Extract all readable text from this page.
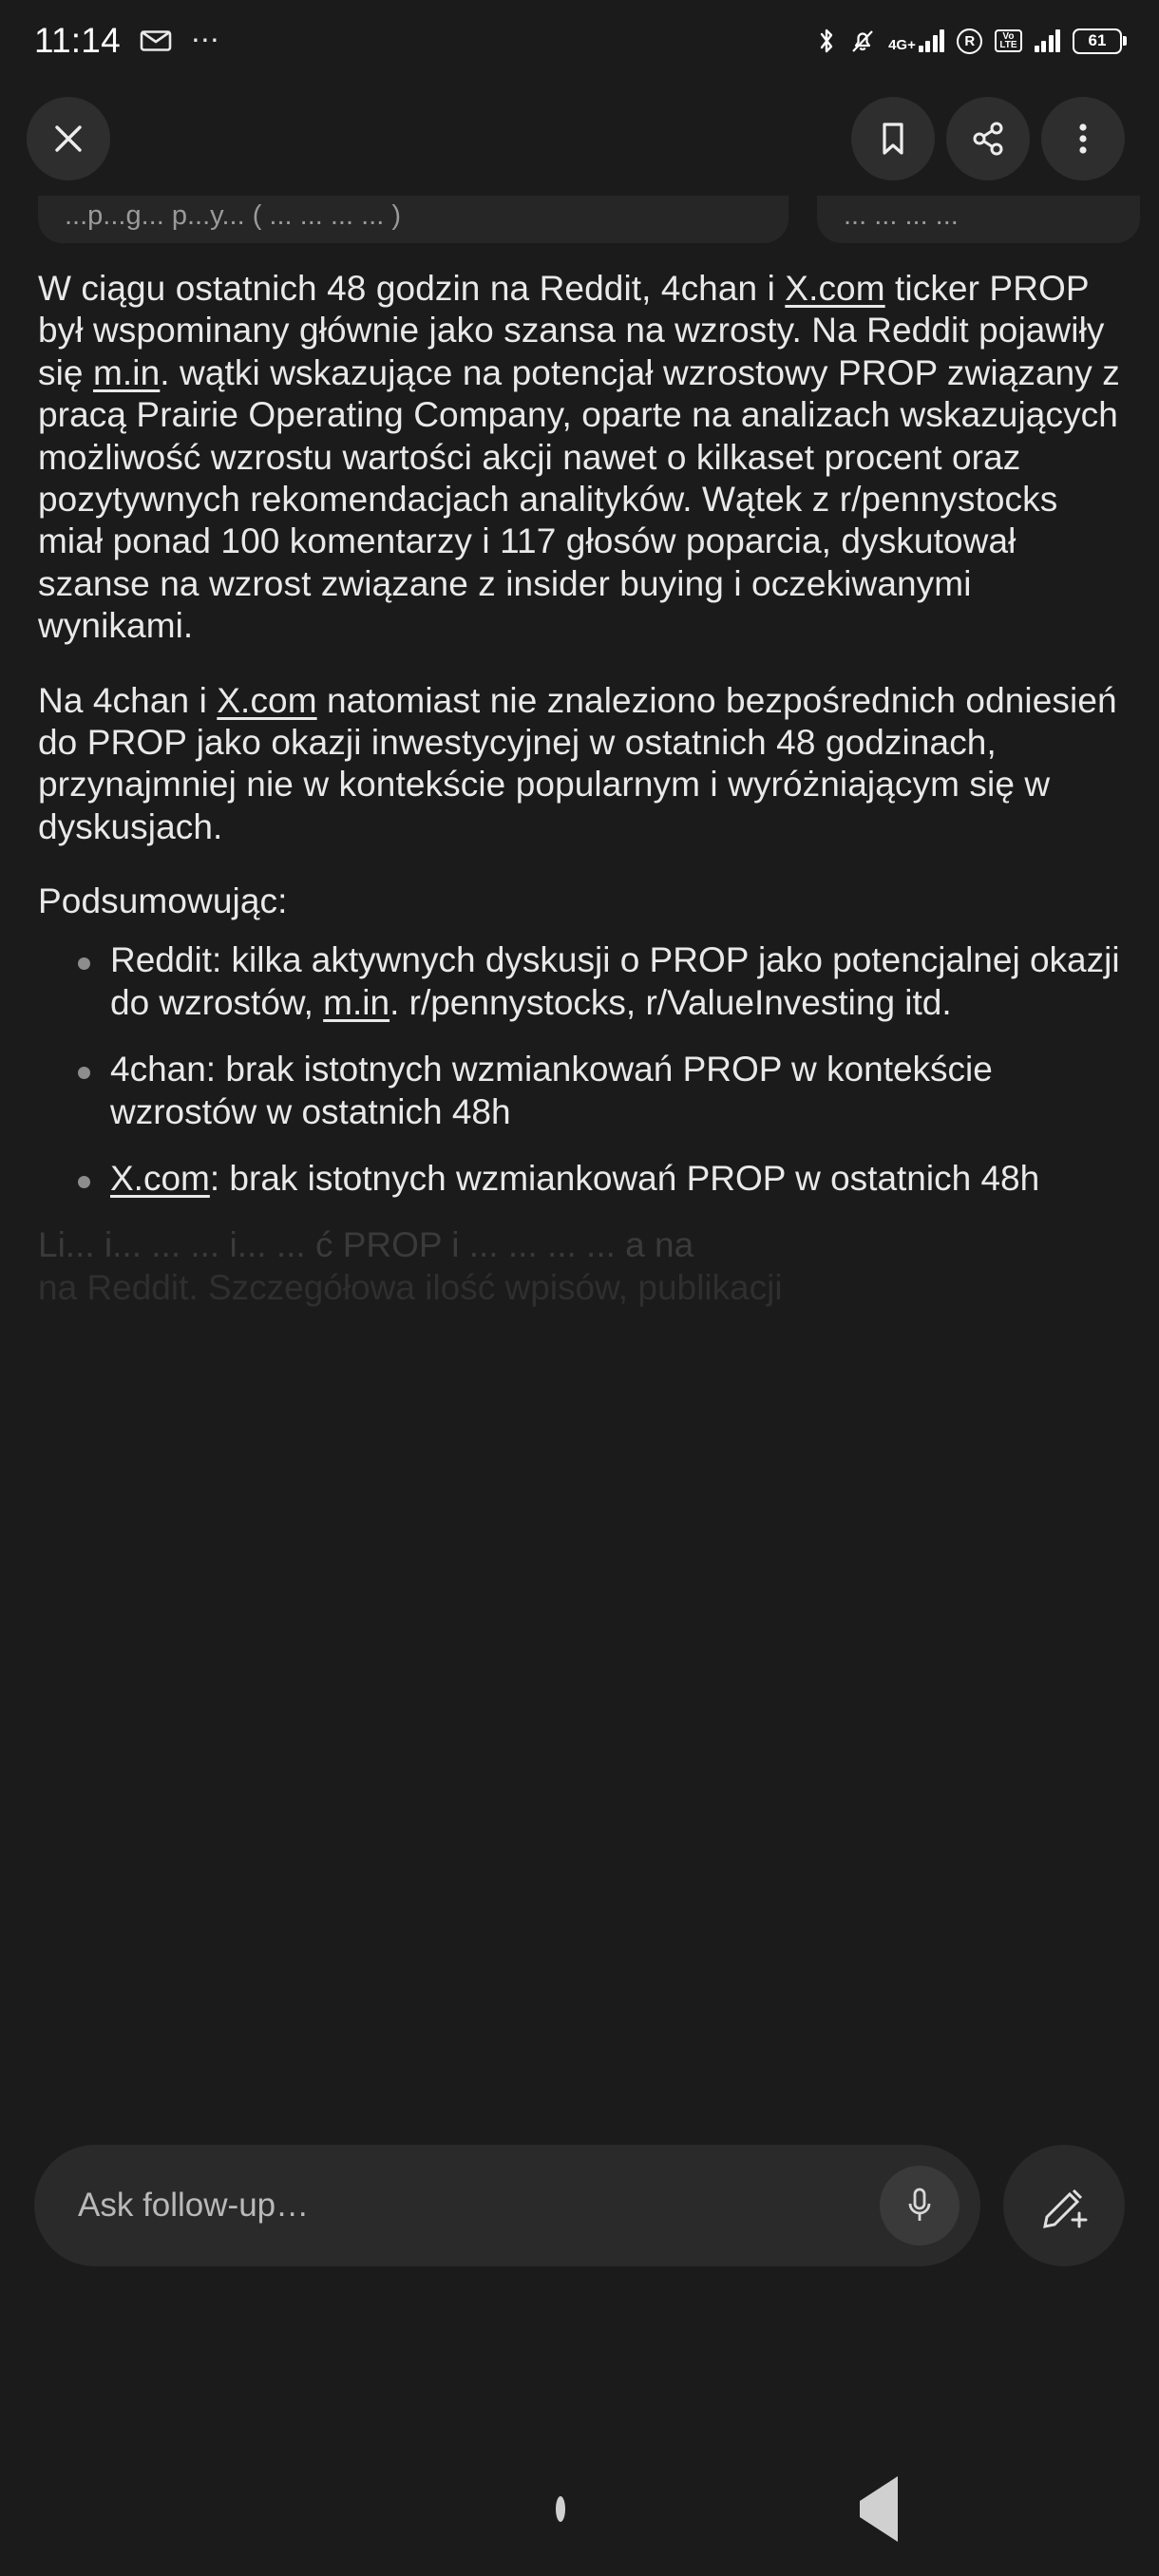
11:14 ⋯	4G+	R	Vo
LTE	61
...p...g... p...y... ( ... ... ... ... )	... ... ... ...

W ciągu ostatnich 48 godzin na Reddit, 4chan i X.com ticker PROP był wspominany głównie jako szansa na wzrosty. Na Reddit pojawiły się m.in. wątki wskazujące na potencjał wzrostowy PROP związany z pracą Prairie Operating Company, oparte na analizach wskazujących możliwość wzrostu wartości akcji nawet o kilkaset procent oraz pozytywnych rekomendacjach analityków. Wątek z r/pennystocks miał ponad 100 komentarzy i 117 głosów poparcia, dyskutował szanse na wzrost związane z insider buying i oczekiwanymi wynikami.

Na 4chan i X.com natomiast nie znaleziono bezpośrednich odniesień do PROP jako okazji inwestycyjnej w ostatnich 48 godzinach, przynajmniej nie w kontekście popularnym i wyróżniającym się w dyskusjach.

Podsumowując:

Reddit: kilka aktywnych dyskusji o PROP jako potencjalnej okazji do wzrostów, m.in. r/pennystocks, r/ValueInvesting itd.
4chan: brak istotnych wzmiankowań PROP w kontekście wzrostów w ostatnich 48h
X.com: brak istotnych wzmiankowań PROP w ostatnich 48h
Li... i... ... ... i... ... ć PROP i ... ... ... ... a na
na Reddit. Szczegółowa ilość wpisów, publikacji
Ask follow-up…
